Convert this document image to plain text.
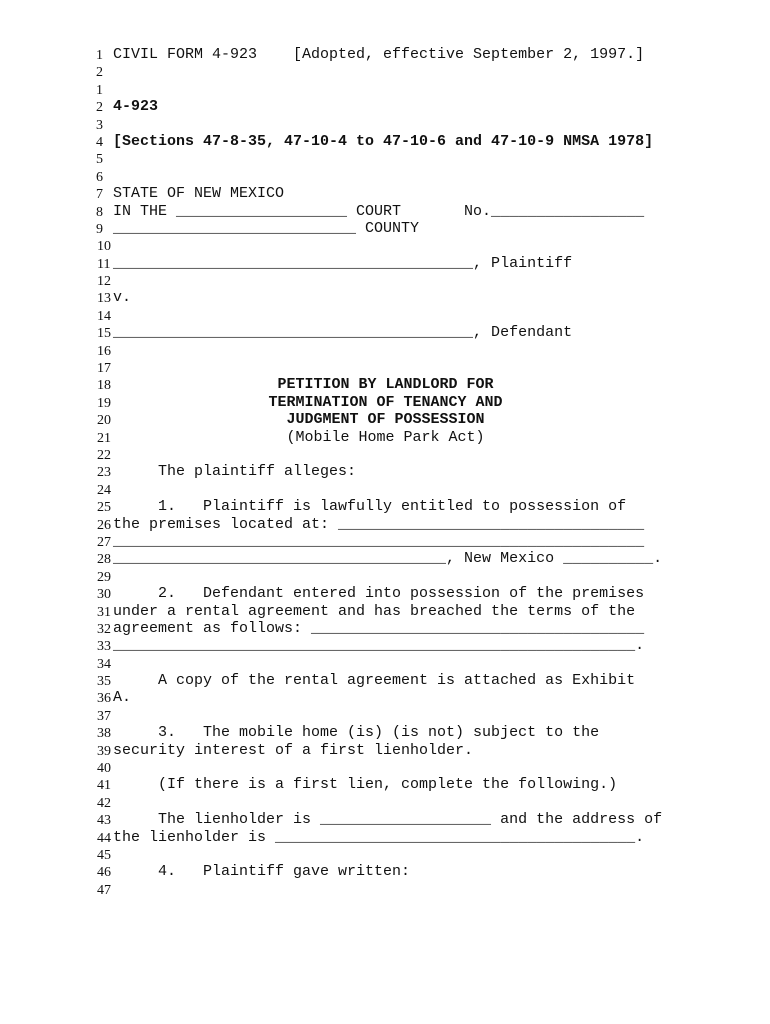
1 CIVIL FORM 4-923    [Adopted, effective September 2, 1997.]
2
1
2 4-923
3
4 [Sections 47-8-35, 47-10-4 to 47-10-6 and 47-10-9 NMSA 1978]
5
6
7 STATE OF NEW MEXICO
8 IN THE ___________________ COURT       No._________________
9 ___________________________ COUNTY
10
11 ________________________________________, Plaintiff
12
13 v.
14
15 ________________________________________, Defendant
16
17
18	PETITION BY LANDLORD FOR
19	TERMINATION OF TENANCY AND
20	JUDGMENT OF POSSESSION
21	(Mobile Home Park Act)
22
23 The plaintiff alleges:
24
25 1.   Plaintiff is lawfully entitled to possession of
26 the premises located at: __________________________________
27 ___________________________________________________________
28 _____________________________________, New Mexico __________.
29
30 2.   Defendant entered into possession of the premises
31 under a rental agreement and has breached the terms of the
32 agreement as follows: _____________________________________
33 __________________________________________________________.
34
35 A copy of the rental agreement is attached as Exhibit
36 A.
37
38 3.   The mobile home (is) (is not) subject to the
39 security interest of a first lienholder.
40
41 (If there is a first lien, complete the following.)
42
43 The lienholder is ___________________ and the address of
44 the lienholder is ________________________________________.
45
46 4.   Plaintiff gave written:
47
